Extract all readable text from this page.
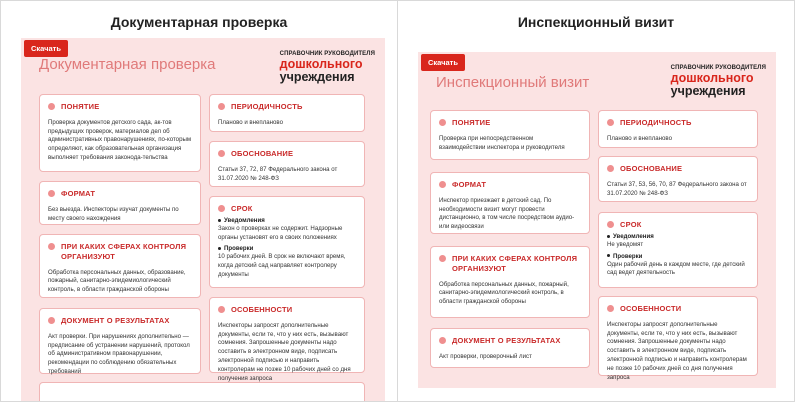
Документарная проверка
Скачать
Документарная проверка
СПРАВОЧНИК РУКОВОДИТЕЛЯ
дошкольного
учреждения
ПОНЯТИЕ
Проверка документов детского сада, ак-тов предыдущих проверок, материалов дел об административных правонарушениях, по-которым определяют, как образовательная организация выполняет требования законода-тельства
ПЕРИОДИЧНОСТЬ
Планово и внепланово
ОБОСНОВАНИЕ
Статьи 37, 72, 87 Федерального закона от 31.07.2020 № 248-ФЗ
ФОРМАТ
Без выезда. Инспекторы изучат документы по месту своего нахождения
СРОК
Уведомления
Закон о проверках не содержит. Надзорные органы установят его в своих положениях
Проверки
10 рабочих дней. В срок не включают время, когда детский сад направляет контролеру документы
ПРИ КАКИХ СФЕРАХ КОНТРОЛЯ ОРГАНИЗУЮТ
Обработка персональных данных, образование, пожарный, санитарно-эпидемиологический контроль, в области гражданской обороны
ОСОБЕННОСТИ
Инспекторы запросят дополнительные документы, если те, что у них есть, вызывают сомнения. Запрошенные документы надо составить в электронном виде, подписать электронной подписью и направить контролерам не позже 10 рабочих дней со дня получения запроса
ДОКУМЕНТ О РЕЗУЛЬТАТАХ
Акт проверки. При нарушениях дополнительно — предписание об устранении нарушений, протокол об административном правонарушении, рекомендации по соблюдению обязательных требований
Инспекционный визит
Скачать
Инспекционный визит
СПРАВОЧНИК РУКОВОДИТЕЛЯ
дошкольного
учреждения
ПОНЯТИЕ
Проверка при непосредственном взаимодействии инспектора и руководителя
ПЕРИОДИЧНОСТЬ
Планово и внепланово
ОБОСНОВАНИЕ
Статьи 37, 53, 56, 70, 87 Федерального закона от 31.07.2020 № 248-ФЗ
ФОРМАТ
Инспектор приезжает в детский сад. По необходимости визит могут провести дистанционно, в том числе посредством аудио- или видеосвязи	СРОК
Уведомления
Не уведомят
Проверки
Один рабочий день в каждом месте, где детский сад ведет деятельность
ПРИ КАКИХ СФЕРАХ КОНТРОЛЯ ОРГАНИЗУЮТ
Обработка персональных данных, пожарный, санитарно-эпидемиологический контроль, в области гражданской обороны
ОСОБЕННОСТИ
Инспекторы запросят дополнительные документы, если те, что у них есть, вызывают сомнения. Запрошенные документы надо составить в электронном виде, подписать электронной подписью и направить контролерам не позже 10 рабочих дней со дня получения запроса
ДОКУМЕНТ О РЕЗУЛЬТАТАХ
Акт проверки, проверочный лист
